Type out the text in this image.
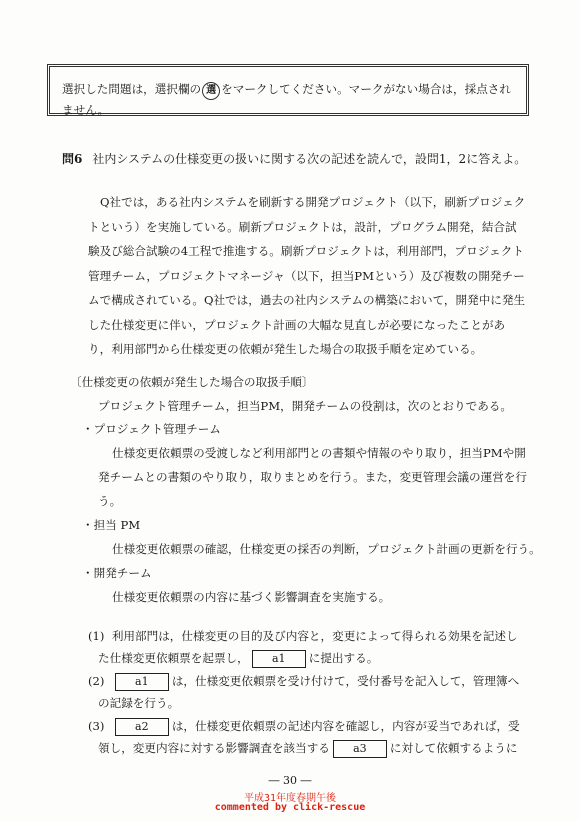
選択した問題は，選択欄の 選 をマークしてください。マークがない場合は，採点され
ません。
問6 社内システムの仕様変更の扱いに関する次の記述を読んで，設問1，2に答えよ。
Q社では，ある社内システムを刷新する開発プロジェクト（以下，刷新プロジェクトという）を実施している。刷新プロジェクトは，設計，プログラム開発，結合試験及び総合試験の4工程で推進する。刷新プロジェクトは，利用部門，プロジェクト管理チーム，プロジェクトマネージャ（以下，担当PMという）及び複数の開発チームで構成されている。Q社では，過去の社内システムの構築において，開発中に発生した仕様変更に伴い，プロジェクト計画の大幅な見直しが必要になったことがあり，利用部門から仕様変更の依頼が発生した場合の取扱手順を定めている。
〔仕様変更の依頼が発生した場合の取扱手順〕
プロジェクト管理チーム，担当PM，開発チームの役割は，次のとおりである。
・プロジェクト管理チーム
仕様変更依頼票の受渡しなど利用部門との書類や情報のやり取り，担当PMや開
発チームとの書類のやり取り，取りまとめを行う。また，変更管理会議の運営を行
う。
・担当 PM
仕様変更依頼票の確認，仕様変更の採否の判断，プロジェクト計画の更新を行う。
・開発チーム
仕様変更依頼票の内容に基づく影響調査を実施する。
(1) 利用部門は，仕様変更の目的及び内容と，変更によって得られる効果を記述し
た仕様変更依頼票を起票し， a1 に提出する。
(2)	a1 は，仕様変更依頼票を受け付けて，受付番号を記入して，管理簿へ
の記録を行う。
(3)	a2 は，仕様変更依頼票の記述内容を確認し，内容が妥当であれば，受
領し，変更内容に対する影響調査を該当する a3 に対して依頼するように
― 30 ―
平成31年度春期午後
commented by click-rescue
